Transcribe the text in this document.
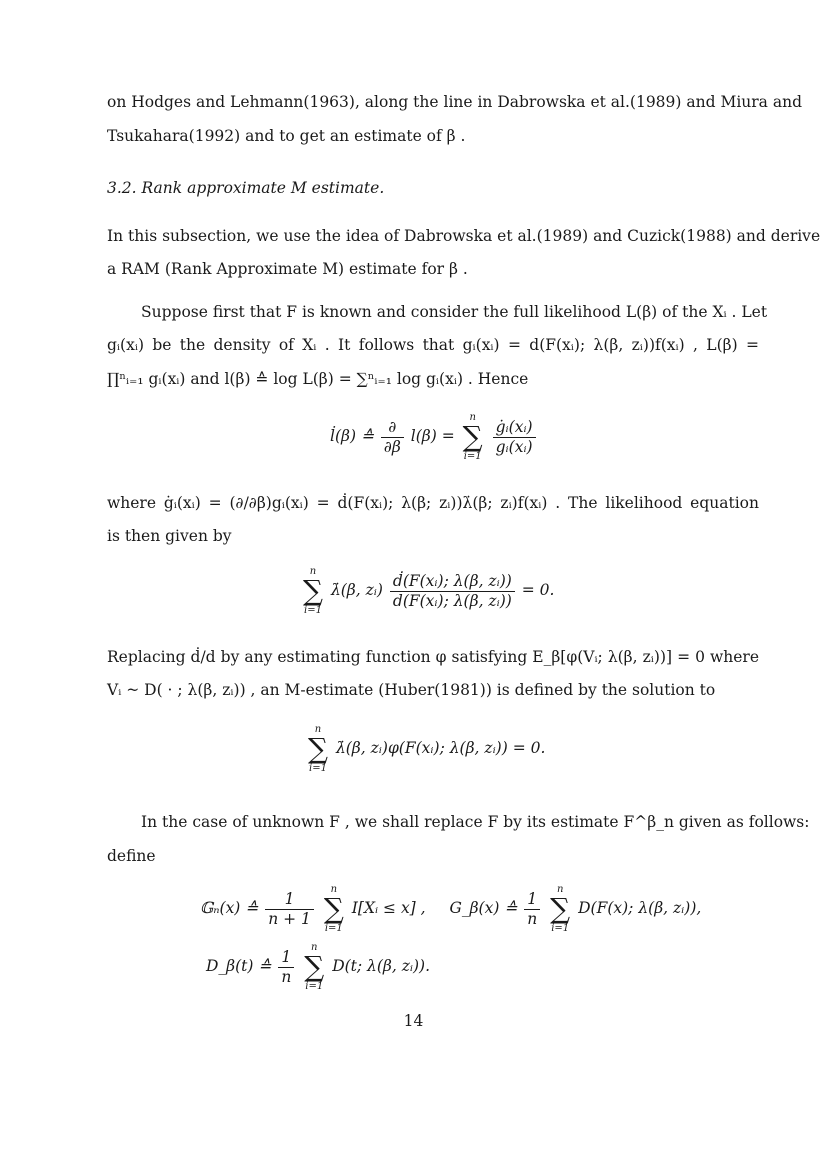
on Hodges and Lehmann(1963), along the line in Dabrowska et al.(1989) and Miura and
Tsukahara(1992) and to get an estimate of β .
3.2. Rank approximate M estimate.
In this subsection, we use the idea of Dabrowska et al.(1989) and Cuzick(1988) and derive
a RAM (Rank Approximate M) estimate for β .
Suppose first that F is known and consider the full likelihood L(β) of the Xᵢ . Let
gᵢ(xᵢ) be the density of Xᵢ . It follows that gᵢ(xᵢ) = d(F(xᵢ); λ(β, zᵢ))f(xᵢ) , L(β) =
∏ⁿᵢ₌₁ gᵢ(xᵢ) and l(β) ≙ log L(β) = ∑ⁿᵢ₌₁ log gᵢ(xᵢ) . Hence
l̇(β) ≙ $\frac{\partial}{\partial\beta} l(\beta)$ =
n
∑
i=1
$\frac{\text{ġᵢ(xᵢ)}}{\text{gᵢ(xᵢ)}}$
where ġᵢ(xᵢ) = (∂/∂β)gᵢ(xᵢ) = ḋ(F(xᵢ); λ(β; zᵢ))λ̇(β; zᵢ)f(xᵢ) . The likelihood equation
is then given by
n
∑
i=1
λ̇(β, zᵢ) $\frac{\text{ḋ(F(xᵢ); λ(β, zᵢ))}}{\text{d(F(xᵢ); λ(β, zᵢ))}} = 0$.
Replacing ḋ/d by any estimating function φ satisfying E_β[φ(Vᵢ; λ(β, zᵢ))] = 0 where
Vᵢ ~ D( · ; λ(β, zᵢ)) , an M-estimate (Huber(1981)) is defined by the solution to
n
∑
i=1
λ̇(β, zᵢ)φ(F(xᵢ); λ(β, zᵢ)) = 0.
In the case of unknown F , we shall replace F by its estimate F^β_n given as follows:
define
𝔾ₙ(x) ≙ $\frac{1}{n + 1}$
	n
∑
i=1
I[Xᵢ ≤ x] , G_β(x) ≙ $\frac{1}{n}$
	n
∑
i=1
D(F(x); λ(β, zᵢ)),
D_β(t) ≙ $\frac{1}{n}$
	n
∑
i=1
D(t; λ(β, zᵢ)).
14
